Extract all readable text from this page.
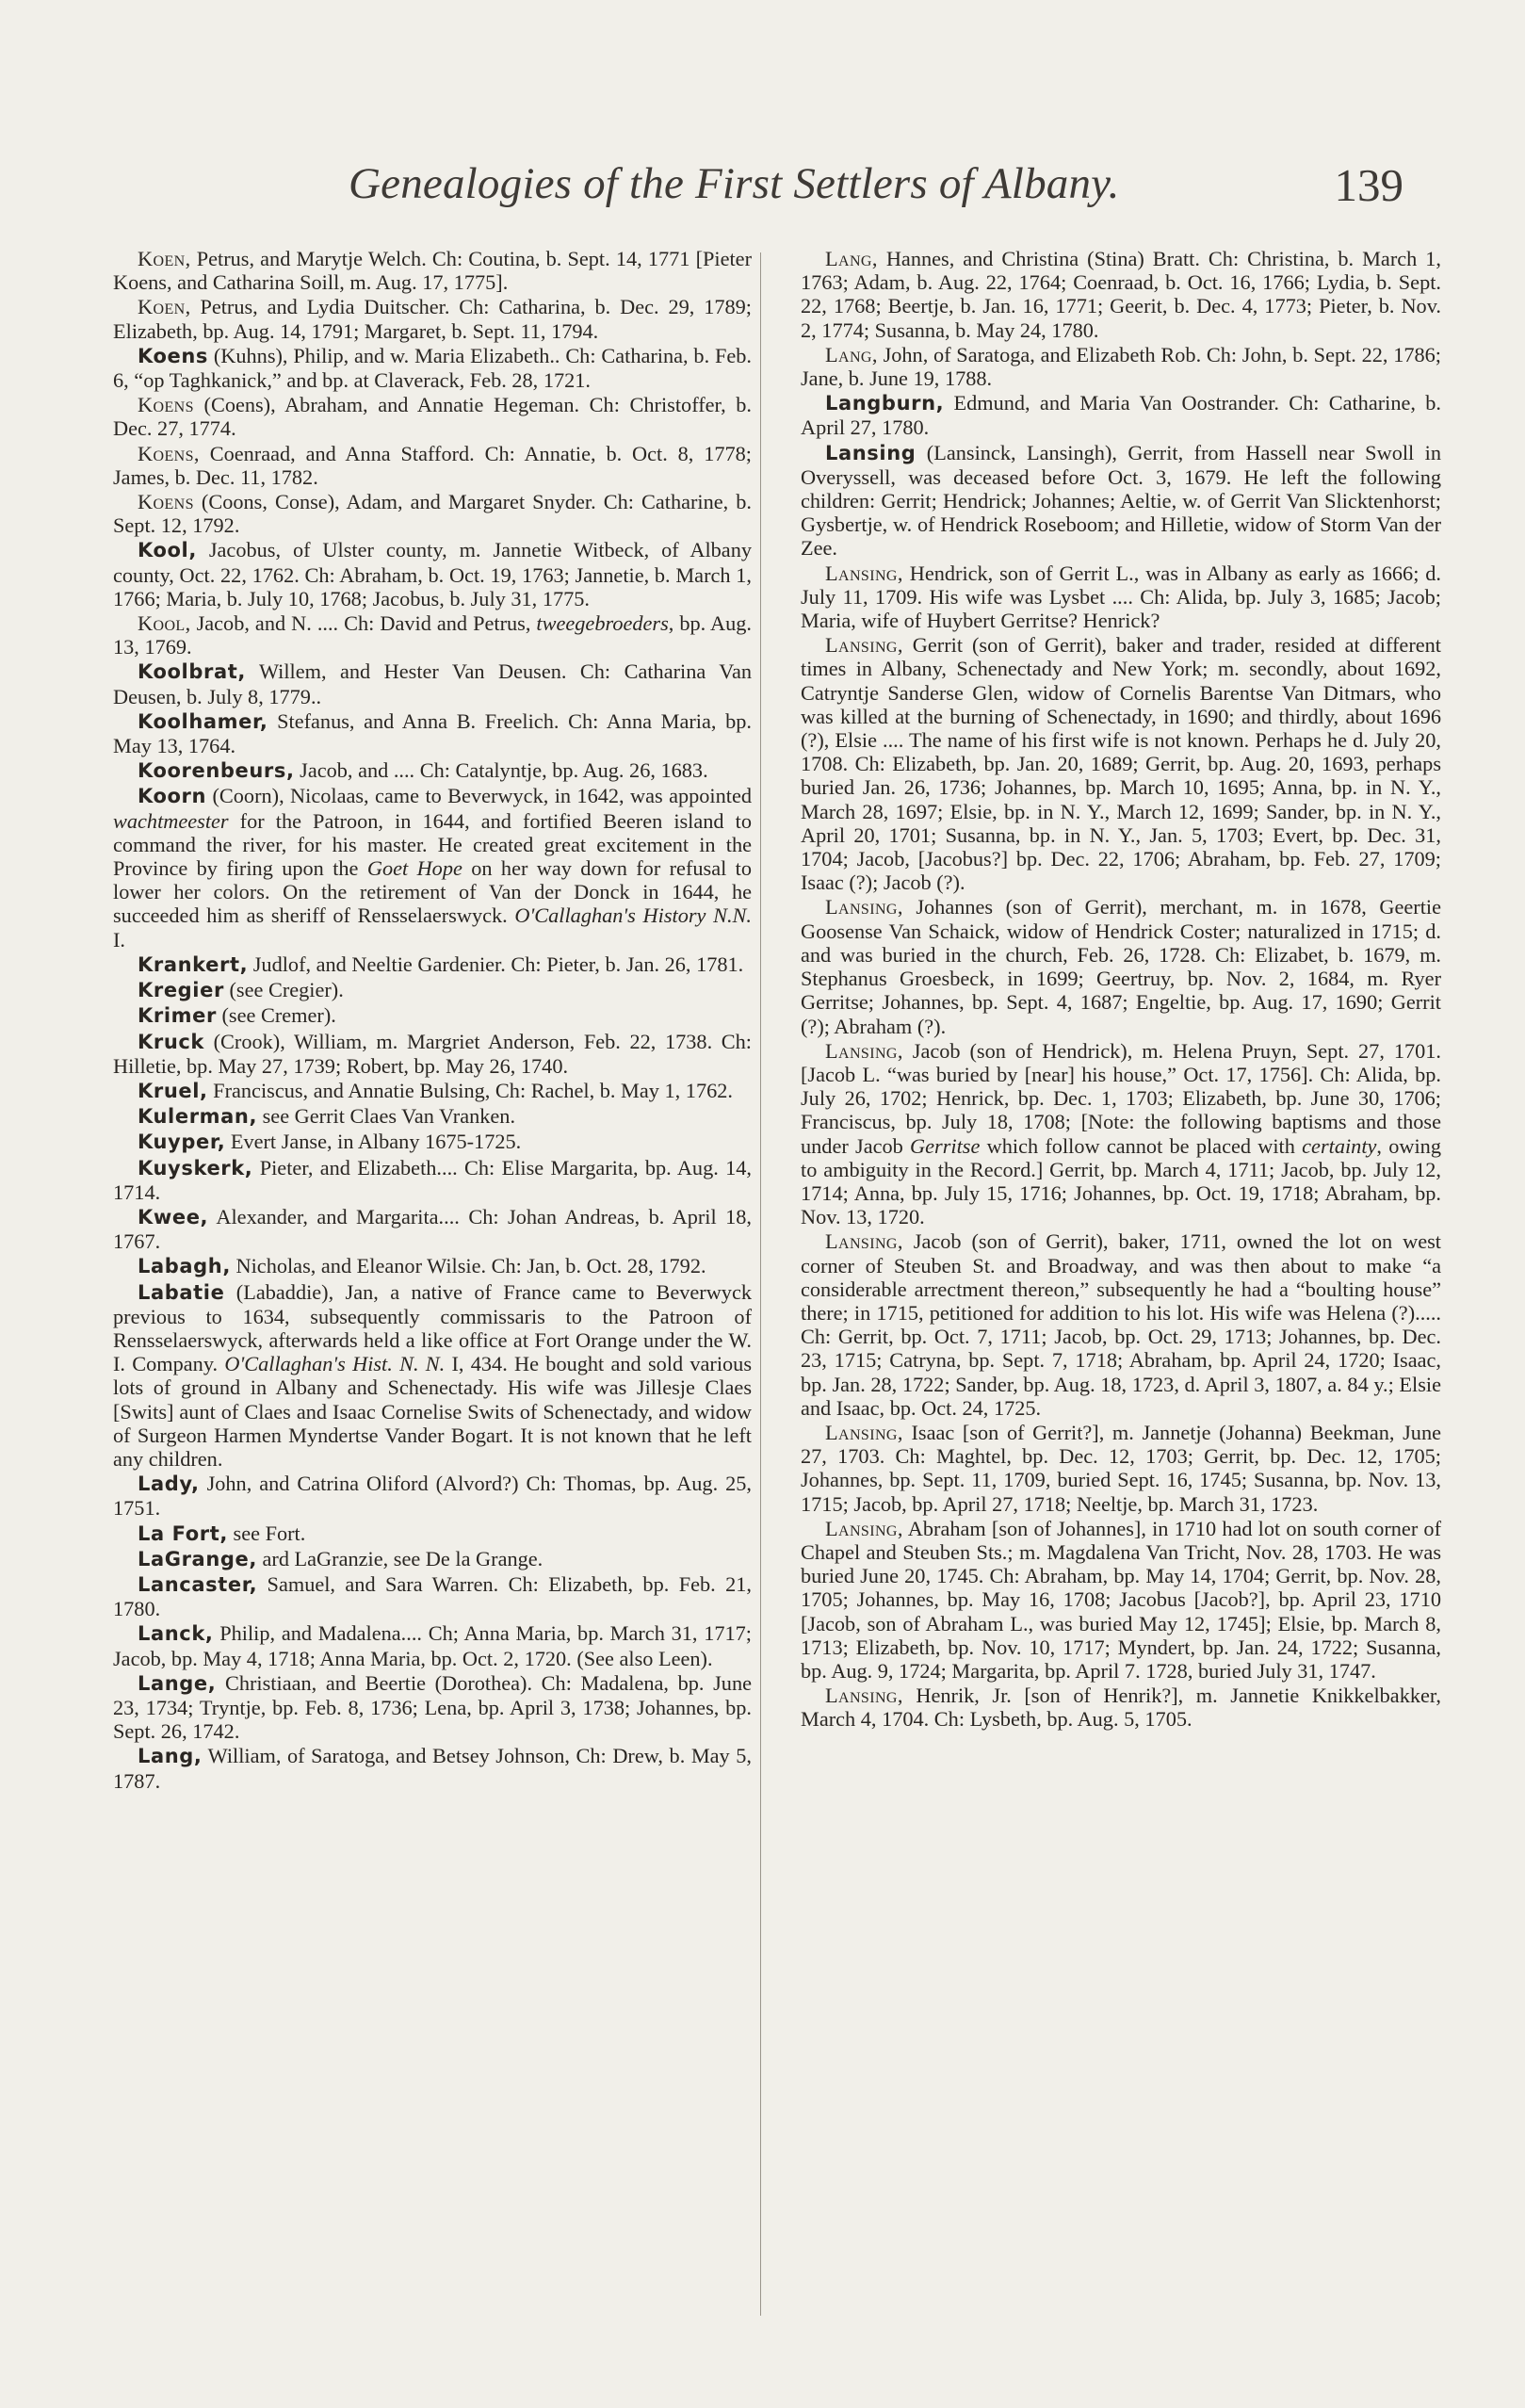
Genealogies of the First Settlers of Albany.	139

Koen, Petrus, and Marytje Welch. Ch: Coutina, b. Sept. 14, 1771 [Pieter Koens, and Catharina Soill, m. Aug. 17, 1775].

Koen, Petrus, and Lydia Duitscher. Ch: Catharina, b. Dec. 29, 1789; Elizabeth, bp. Aug. 14, 1791; Margaret, b. Sept. 11, 1794.

Koens (Kuhns), Philip, and w. Maria Elizabeth.. Ch: Catharina, b. Feb. 6, “op Taghkanick,” and bp. at Claverack, Feb. 28, 1721.

Koens (Coens), Abraham, and Annatie Hegeman. Ch: Christoffer, b. Dec. 27, 1774.

Koens, Coenraad, and Anna Stafford. Ch: Annatie, b. Oct. 8, 1778; James, b. Dec. 11, 1782.

Koens (Coons, Conse), Adam, and Margaret Snyder. Ch: Catharine, b. Sept. 12, 1792.

Kool, Jacobus, of Ulster county, m. Jannetie Witbeck, of Albany county, Oct. 22, 1762. Ch: Abraham, b. Oct. 19, 1763; Jannetie, b. March 1, 1766; Maria, b. July 10, 1768; Jacobus, b. July 31, 1775.

Kool, Jacob, and N. .... Ch: David and Petrus, tweegebroeders, bp. Aug. 13, 1769.

Koolbrat, Willem, and Hester Van Deusen. Ch: Catharina Van Deusen, b. July 8, 1779..

Koolhamer, Stefanus, and Anna B. Freelich. Ch: Anna Maria, bp. May 13, 1764.

Koorenbeurs, Jacob, and .... Ch: Catalyntje, bp. Aug. 26, 1683.

Koorn (Coorn), Nicolaas, came to Beverwyck, in 1642, was appointed wachtmeester for the Patroon, in 1644, and fortified Beeren island to command the river, for his master. He created great excitement in the Province by firing upon the Goet Hope on her way down for refusal to lower her colors. On the retirement of Van der Donck in 1644, he succeeded him as sheriff of Rensselaerswyck. O'Callaghan's History N.N. I.

Krankert, Judlof, and Neeltie Gardenier. Ch: Pieter, b. Jan. 26, 1781.

Kregier (see Cregier).

Krimer (see Cremer).

Kruck (Crook), William, m. Margriet Anderson, Feb. 22, 1738. Ch: Hilletie, bp. May 27, 1739; Robert, bp. May 26, 1740.

Kruel, Franciscus, and Annatie Bulsing, Ch: Rachel, b. May 1, 1762.

Kulerman, see Gerrit Claes Van Vranken.

Kuyper, Evert Janse, in Albany 1675-1725.

Kuyskerk, Pieter, and Elizabeth.... Ch: Elise Margarita, bp. Aug. 14, 1714.

Kwee, Alexander, and Margarita.... Ch: Johan Andreas, b. April 18, 1767.

Labagh, Nicholas, and Eleanor Wilsie. Ch: Jan, b. Oct. 28, 1792.

Labatie (Labaddie), Jan, a native of France came to Beverwyck previous to 1634, subsequently commissaris to the Patroon of Rensselaerswyck, afterwards held a like office at Fort Orange under the W. I. Company. O'Callaghan's Hist. N. N. I, 434. He bought and sold various lots of ground in Albany and Schenectady. His wife was Jillesje Claes [Swits] aunt of Claes and Isaac Cornelise Swits of Schenectady, and widow of Surgeon Harmen Myndertse Vander Bogart. It is not known that he left any children.

Lady, John, and Catrina Oliford (Alvord?) Ch: Thomas, bp. Aug. 25, 1751.

La Fort, see Fort.

LaGrange, ard LaGranzie, see De la Grange.

Lancaster, Samuel, and Sara Warren. Ch: Elizabeth, bp. Feb. 21, 1780.

Lanck, Philip, and Madalena.... Ch; Anna Maria, bp. March 31, 1717; Jacob, bp. May 4, 1718; Anna Maria, bp. Oct. 2, 1720. (See also Leen).

Lange, Christiaan, and Beertie (Dorothea). Ch: Madalena, bp. June 23, 1734; Tryntje, bp. Feb. 8, 1736; Lena, bp. April 3, 1738; Johannes, bp. Sept. 26, 1742.

Lang, William, of Saratoga, and Betsey Johnson, Ch: Drew, b. May 5, 1787.

Lang, Hannes, and Christina (Stina) Bratt. Ch: Christina, b. March 1, 1763; Adam, b. Aug. 22, 1764; Coenraad, b. Oct. 16, 1766; Lydia, b. Sept. 22, 1768; Beertje, b. Jan. 16, 1771; Geerit, b. Dec. 4, 1773; Pieter, b. Nov. 2, 1774; Susanna, b. May 24, 1780.

Lang, John, of Saratoga, and Elizabeth Rob. Ch: John, b. Sept. 22, 1786; Jane, b. June 19, 1788.

Langburn, Edmund, and Maria Van Oostrander. Ch: Catharine, b. April 27, 1780.

Lansing (Lansinck, Lansingh), Gerrit, from Hassell near Swoll in Overyssell, was deceased before Oct. 3, 1679. He left the following children: Gerrit; Hendrick; Johannes; Aeltie, w. of Gerrit Van Slicktenhorst; Gysbertje, w. of Hendrick Roseboom; and Hilletie, widow of Storm Van der Zee.

Lansing, Hendrick, son of Gerrit L., was in Albany as early as 1666; d. July 11, 1709. His wife was Lysbet .... Ch: Alida, bp. July 3, 1685; Jacob; Maria, wife of Huybert Gerritse? Henrick?

Lansing, Gerrit (son of Gerrit), baker and trader, resided at different times in Albany, Schenectady and New York; m. secondly, about 1692, Catryntje Sanderse Glen, widow of Cornelis Barentse Van Ditmars, who was killed at the burning of Schenectady, in 1690; and thirdly, about 1696 (?), Elsie .... The name of his first wife is not known. Perhaps he d. July 20, 1708. Ch: Elizabeth, bp. Jan. 20, 1689; Gerrit, bp. Aug. 20, 1693, perhaps buried Jan. 26, 1736; Johannes, bp. March 10, 1695; Anna, bp. in N. Y., March 28, 1697; Elsie, bp. in N. Y., March 12, 1699; Sander, bp. in N. Y., April 20, 1701; Susanna, bp. in N. Y., Jan. 5, 1703; Evert, bp. Dec. 31, 1704; Jacob, [Jacobus?] bp. Dec. 22, 1706; Abraham, bp. Feb. 27, 1709; Isaac (?); Jacob (?).

Lansing, Johannes (son of Gerrit), merchant, m. in 1678, Geertie Goosense Van Schaick, widow of Hendrick Coster; naturalized in 1715; d. and was buried in the church, Feb. 26, 1728. Ch: Elizabet, b. 1679, m. Stephanus Groesbeck, in 1699; Geertruy, bp. Nov. 2, 1684, m. Ryer Gerritse; Johannes, bp. Sept. 4, 1687; Engeltie, bp. Aug. 17, 1690; Gerrit (?); Abraham (?).

Lansing, Jacob (son of Hendrick), m. Helena Pruyn, Sept. 27, 1701. [Jacob L. “was buried by [near] his house,” Oct. 17, 1756]. Ch: Alida, bp. July 26, 1702; Henrick, bp. Dec. 1, 1703; Elizabeth, bp. June 30, 1706; Franciscus, bp. July 18, 1708; [Note: the following baptisms and those under Jacob Gerritse which follow cannot be placed with certainty, owing to ambiguity in the Record.] Gerrit, bp. March 4, 1711; Jacob, bp. July 12, 1714; Anna, bp. July 15, 1716; Johannes, bp. Oct. 19, 1718; Abraham, bp. Nov. 13, 1720.

Lansing, Jacob (son of Gerrit), baker, 1711, owned the lot on west corner of Steuben St. and Broadway, and was then about to make “a considerable arrectment thereon,” subsequently he had a “boulting house” there; in 1715, petitioned for addition to his lot. His wife was Helena (?)..... Ch: Gerrit, bp. Oct. 7, 1711; Jacob, bp. Oct. 29, 1713; Johannes, bp. Dec. 23, 1715; Catryna, bp. Sept. 7, 1718; Abraham, bp. April 24, 1720; Isaac, bp. Jan. 28, 1722; Sander, bp. Aug. 18, 1723, d. April 3, 1807, a. 84 y.; Elsie and Isaac, bp. Oct. 24, 1725.

Lansing, Isaac [son of Gerrit?], m. Jannetje (Johanna) Beekman, June 27, 1703. Ch: Maghtel, bp. Dec. 12, 1703; Gerrit, bp. Dec. 12, 1705; Johannes, bp. Sept. 11, 1709, buried Sept. 16, 1745; Susanna, bp. Nov. 13, 1715; Jacob, bp. April 27, 1718; Neeltje, bp. March 31, 1723.

Lansing, Abraham [son of Johannes], in 1710 had lot on south corner of Chapel and Steuben Sts.; m. Magdalena Van Tricht, Nov. 28, 1703. He was buried June 20, 1745. Ch: Abraham, bp. May 14, 1704; Gerrit, bp. Nov. 28, 1705; Johannes, bp. May 16, 1708; Jacobus [Jacob?], bp. April 23, 1710 [Jacob, son of Abraham L., was buried May 12, 1745]; Elsie, bp. March 8, 1713; Elizabeth, bp. Nov. 10, 1717; Myndert, bp. Jan. 24, 1722; Susanna, bp. Aug. 9, 1724; Margarita, bp. April 7. 1728, buried July 31, 1747.

Lansing, Henrik, Jr. [son of Henrik?], m. Jannetie Knikkelbakker, March 4, 1704. Ch: Lysbeth, bp. Aug. 5, 1705.
